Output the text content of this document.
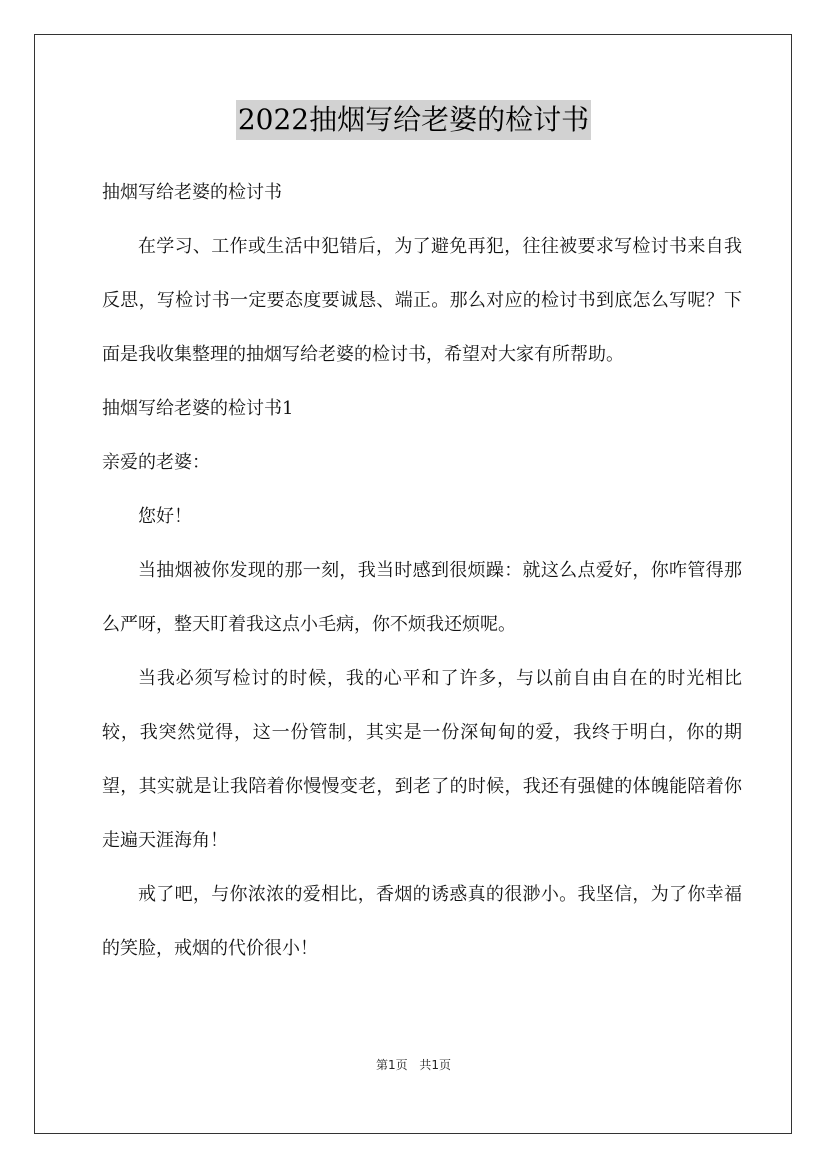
2022抽烟写给老婆的检讨书

抽烟写给老婆的检讨书

在学习、工作或生活中犯错后，为了避免再犯，往往被要求写检讨书来自我反思，写检讨书一定要态度要诚恳、端正。那么对应的检讨书到底怎么写呢？下面是我收集整理的抽烟写给老婆的检讨书，希望对大家有所帮助。

抽烟写给老婆的检讨书1

亲爱的老婆：

您好！

当抽烟被你发现的那一刻，我当时感到很烦躁：就这么点爱好，你咋管得那么严呀，整天盯着我这点小毛病，你不烦我还烦呢。

当我必须写检讨的时候，我的心平和了许多，与以前自由自在的时光相比较，我突然觉得，这一份管制，其实是一份深甸甸的爱，我终于明白，你的期望，其实就是让我陪着你慢慢变老，到老了的时候，我还有强健的体魄能陪着你走遍天涯海角！

戒了吧，与你浓浓的爱相比，香烟的诱惑真的很渺小。我坚信，为了你幸福的笑脸，戒烟的代价很小！

第1页 共1页
